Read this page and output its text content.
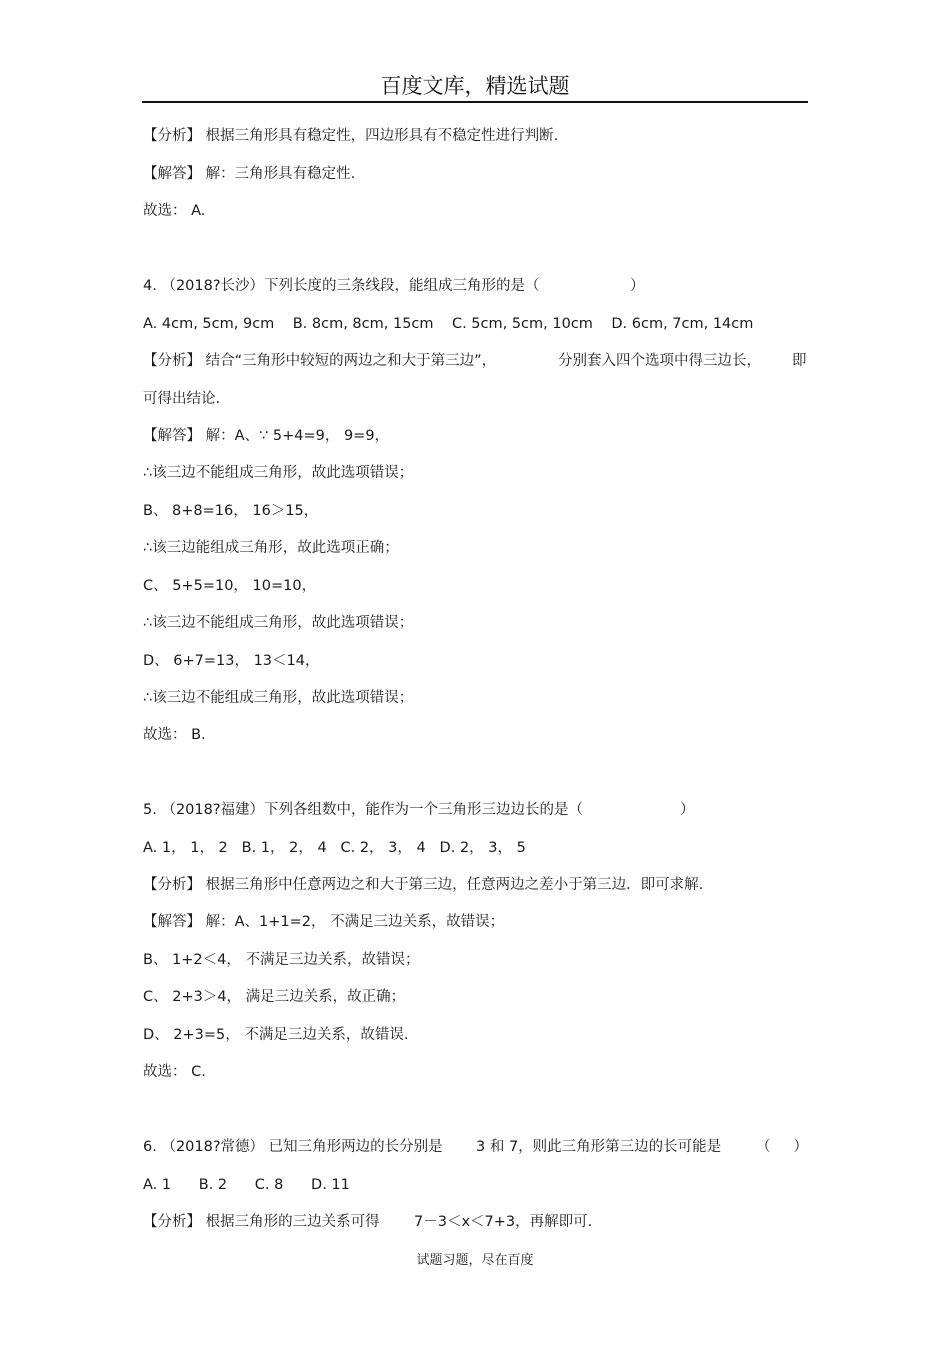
百度文库，精选试题
【分析】 根据三角形具有稳定性，四边形具有不稳定性进行判断.
【解答】 解：三角形具有稳定性.
故选： A.
4. （2018?长沙）下列长度的三条线段，能组成三角形的是（	）
A. 4cm, 5cm, 9cm    B. 8cm, 8cm, 15cm    C. 5cm, 5cm, 10cm    D. 6cm, 7cm, 14cm
【分析】 结合“三角形中较短的两边之和大于第三边”，	分别套入四个选项中得三边长， 即
可得出结论.
【解答】 解：A、∵ 5+4=9， 9=9，
∴该三边不能组成三角形，故此选项错误；
B、 8+8=16， 16＞15，
∴该三边能组成三角形，故此选项正确；
C、 5+5=10， 10=10，
∴该三边不能组成三角形，故此选项错误；
D、 6+7=13， 13＜14，
∴该三边不能组成三角形，故此选项错误；
故选： B.
5. （2018?福建）下列各组数中，能作为一个三角形三边边长的是（	）
A. 1， 1， 2   B. 1， 2， 4   C. 2， 3， 4   D. 2， 3， 5
【分析】 根据三角形中任意两边之和大于第三边，任意两边之差小于第三边．即可求解.
【解答】 解：A、1+1=2， 不满足三边关系，故错误；
B、 1+2＜4， 不满足三边关系，故错误；
C、 2+3＞4， 满足三边关系，故正确；
D、 2+3=5， 不满足三边关系，故错误.
故选： C.
6. （2018?常德） 已知三角形两边的长分别是 3 和 7，则此三角形第三边的长可能是 （     ）
A. 1      B. 2      C. 8      D. 11
【分析】 根据三角形的三边关系可得 7－3＜x＜7+3，再解即可.
试题习题，尽在百度
